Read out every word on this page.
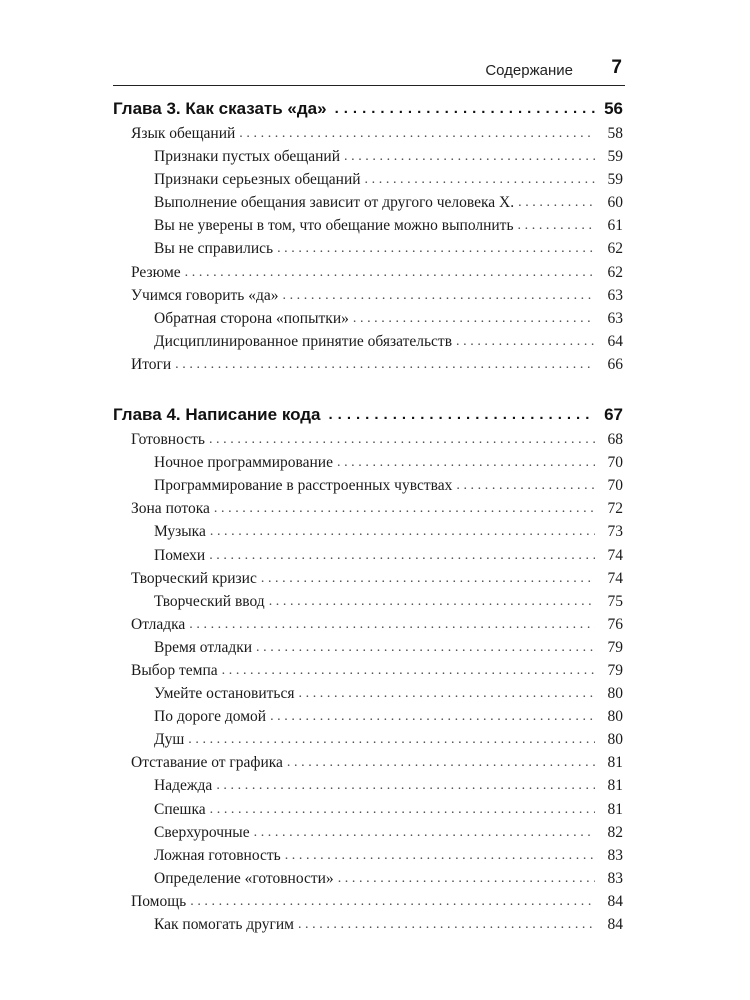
Содержание 7
Глава 3. Как сказать «да» .....	56
Язык обещаний .....	58
Признаки пустых обещаний .....	59
Признаки серьезных обещаний .....	59
Выполнение обещания зависит от другого человека Х. .....	60
Вы не уверены в том, что обещание можно выполнить .....	61
Вы не справились .....	62
Резюме .....	62
Учимся говорить «да» .....	63
Обратная сторона «попытки» .....	63
Дисциплинированное принятие обязательств .....	64
Итоги .....	66
Глава 4. Написание кода .....	67
Готовность .....	68
Ночное программирование .....	70
Программирование в расстроенных чувствах .....	70
Зона потока .....	72
Музыка .....	73
Помехи .....	74
Творческий кризис .....	74
Творческий ввод .....	75
Отладка .....	76
Время отладки .....	79
Выбор темпа .....	79
Умейте остановиться .....	80
По дороге домой .....	80
Душ .....	80
Отставание от графика .....	81
Надежда .....	81
Спешка .....	81
Сверхурочные .....	82
Ложная готовность .....	83
Определение «готовности» .....	83
Помощь .....	84
Как помогать другим .....	84
